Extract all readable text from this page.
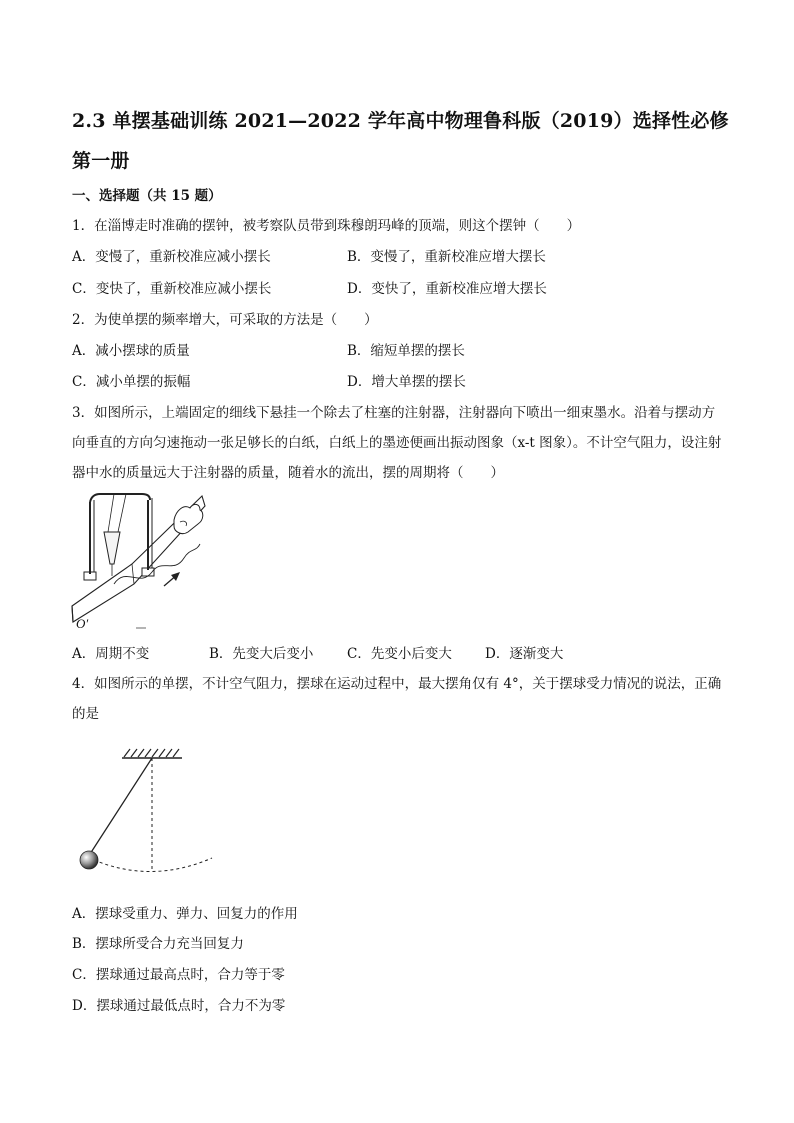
2.3 单摆基础训练 2021—2022 学年高中物理鲁科版（2019）选择性必修第一册
一、选择题（共 15 题）
1．在淄博走时准确的摆钟，被考察队员带到珠穆朗玛峰的顶端，则这个摆钟（　　）
A．变慢了，重新校准应减小摆长	B．变慢了，重新校准应增大摆长
C．变快了，重新校准应减小摆长	D．变快了，重新校准应增大摆长
2．为使单摆的频率增大，可采取的方法是（　　）
A．减小摆球的质量	B．缩短单摆的摆长
C．减小单摆的振幅	D．增大单摆的摆长
3．如图所示，上端固定的细线下悬挂一个除去了柱塞的注射器，注射器向下喷出一细束墨水。沿着与摆动方向垂直的方向匀速拖动一张足够长的白纸，白纸上的墨迹便画出振动图象（x-t 图象）。不计空气阻力，设注射器中水的质量远大于注射器的质量，随着水的流出，摆的周期将（　　）
O′
A．周期不变	B．先变大后变小 C．先变小后变大 D．逐渐变大
4．如图所示的单摆，不计空气阻力，摆球在运动过程中，最大摆角仅有 4°，关于摆球受力情况的说法，正确的是
A．摆球受重力、弹力、回复力的作用
B．摆球所受合力充当回复力
C．摆球通过最高点时，合力等于零
D．摆球通过最低点时，合力不为零
